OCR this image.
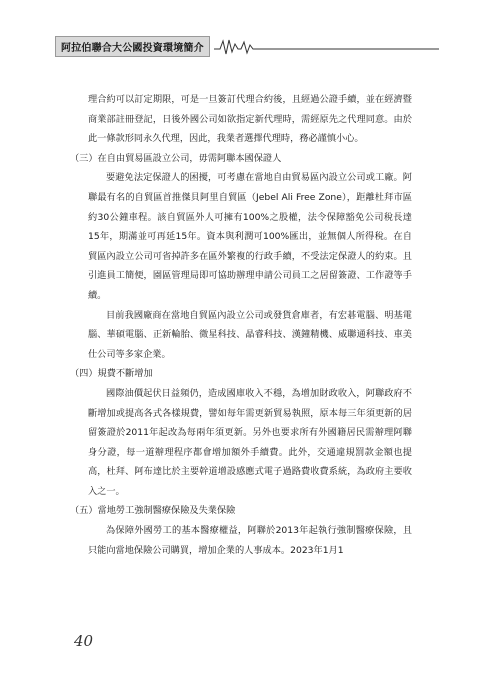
阿拉伯聯合大公國投資環境簡介

理合約可以訂定期限，可是一旦簽訂代理合約後，且經過公證手續，並在經濟暨商業部註冊登記，日後外國公司如欲指定新代理時，需經原先之代理同意。由於此一條款形同永久代理，因此，我業者選擇代理時，務必謹慎小心。

（三）在自由貿易區設立公司，毋需阿聯本國保證人

要避免法定保證人的困擾，可考慮在當地自由貿易區內設立公司或工廠。阿聯最有名的自貿區首推傑貝阿里自貿區（Jebel Ali Free Zone），距離杜拜市區約30公鐘車程。該自貿區外人可擁有100%之股權，法令保障豁免公司稅長達15年，期滿並可再延15年。資本與利潤可100%匯出，並無個人所得稅。在自貿區內設立公司可省掉許多在區外繁複的行政手續，不受法定保證人的約束。且引進員工簡便，園區管理局即可協助辦理申請公司員工之居留簽證、工作證等手續。

目前我國廠商在當地自貿區內設立公司或發貨倉庫者，有宏碁電腦、明基電腦、華碩電腦、正新輪胎、微星科技、晶睿科技、漢鐘精機、威聯通科技、車美仕公司等多家企業。

（四）規費不斷增加

國際油價起伏日益頻仍，造成國庫收入不穩，為增加財政收入，阿聯政府不斷增加或提高各式各樣規費，譬如每年需更新貿易執照，原本每三年須更新的居留簽證於2011年起改為每兩年須更新。另外也要求所有外國籍居民需辦理阿聯身分證，每一道辦理程序都會增加額外手續費。此外，交通違規罰款金額也提高，杜拜、阿布達比於主要幹道增設感應式電子過路費收費系統，為政府主要收入之一。

（五）當地勞工強制醫療保險及失業保險

為保障外國勞工的基本醫療權益，阿聯於2013年起執行強制醫療保險，且只能向當地保險公司購買，增加企業的人事成本。2023年1月1

40
